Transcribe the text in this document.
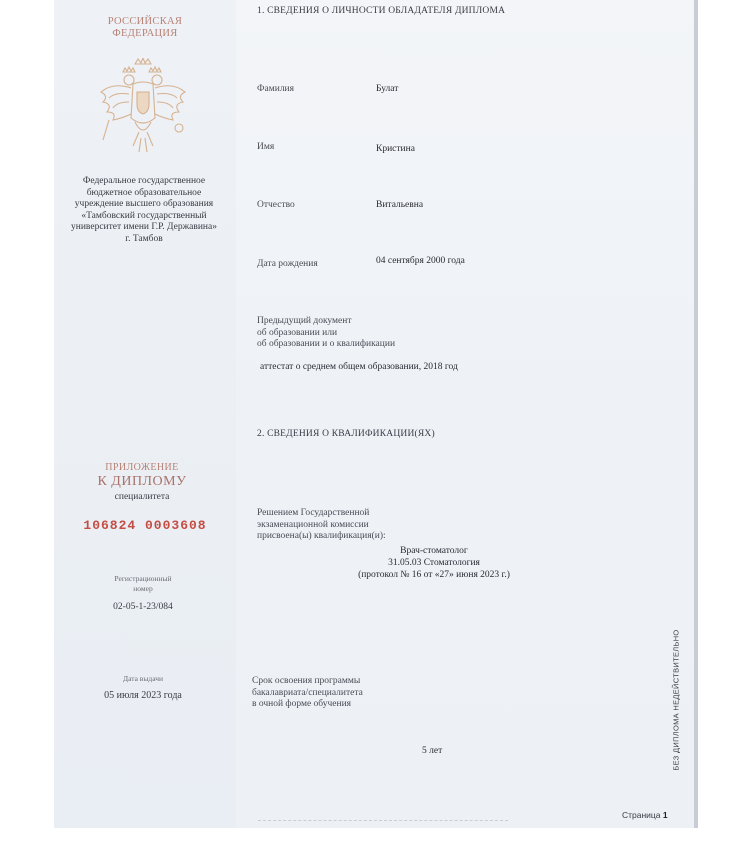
РОССИЙСКАЯ
ФЕДЕРАЦИЯ
Федеральное государственное
бюджетное образовательное
учреждение высшего образования
«Тамбовский государственный
университет имени Г.Р. Державина»
г. Тамбов
ПРИЛОЖЕНИЕ
К ДИПЛОМУ
специалитета
106824 0003608
Регистрационный
номер
02-05-1-23/084
Дата выдачи
05 июля 2023 года
1. СВЕДЕНИЯ О ЛИЧНОСТИ ОБЛАДАТЕЛЯ ДИПЛОМА
Фамилия	Булат
Имя	Кристина
Отчество	Витальевна
Дата рождения	04 сентября 2000 года
Предыдущий документ
об образовании или
об образовании и о квалификации
аттестат о среднем общем образовании, 2018 год
2. СВЕДЕНИЯ О КВАЛИФИКАЦИИ(ЯХ)
Решением Государственной
экзаменационной комиссии
присвоена(ы) квалификация(и):
Врач-стоматолог
31.05.03 Стоматология
(протокол № 16 от «27» июня 2023 г.)
Срок освоения программы
бакалавриата/специалитета
в очной форме обучения
5 лет	БЕЗ ДИПЛОМА НЕДЕЙСТВИТЕЛЬНО
Страница 1
